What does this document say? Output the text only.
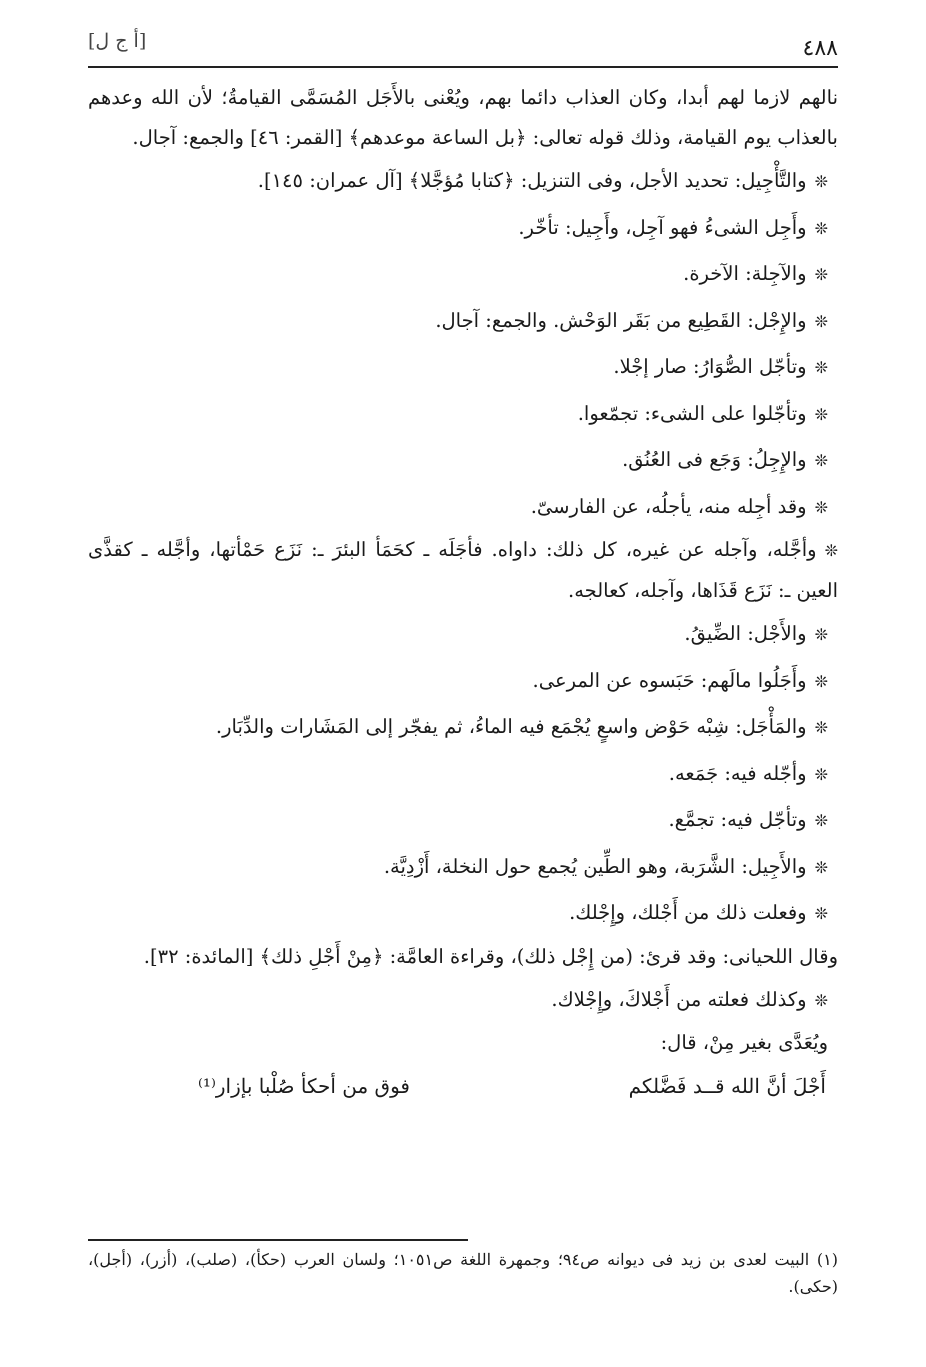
٤٨٨
[أ ج ل]

نالهم لازما لهم أبدا، وكان العذاب دائما بهم، ويُعْنى بالأَجَل المُسَمَّى القيامةُ؛ لأن الله وعدهم بالعذاب يوم القيامة، وذلك قوله تعالى: ﴿بل الساعة موعدهم﴾ [القمر: ٤٦] والجمع: آجال.

❊والتَّأْجِيل: تحديد الأجل، وفى التنزيل: ﴿كتابا مُؤجَّلا﴾ [آل عمران: ١٤٥].
❊وأَجِل الشىءُ فهو آجِل، وأَجِيل: تأخّر.
❊والآجِلة: الآخرة.
❊والإِجْل: القَطِيع من بَقَر الوَحْش. والجمع: آجال.
❊وتأجّل الصُّوَارُ: صار إجْلا.
❊وتأجّلوا على الشىء: تجمّعوا.
❊والإِجِلُ: وَجَع فى العُنُق.
❊وقد أجِله منه، يأجلُه، عن الفارسىّ.

❊وأجَّله، وآجله عن غيره، كل ذلك: داواه. فأجَلَه ـ كحَمَأ البئرَ ـ: نَزَع حَمْأتها، وأجَّله ـ كقذَّى العين ـ: نَزَع قَذَاها، وآجله، كعالجه.

❊والأَجْل: الضِّيقُ.
❊وأَجَلُوا مالَهم: حَبَسوه عن المرعى.
❊والمَأْجَل: شِبْه حَوْض واسعٍ يُجْمَع فيه الماءُ، ثم يفجّر إلى المَشَارات والدِّبَار.
❊وأجّله فيه: جَمَعه.
❊وتأجّل فيه: تجمَّع.
❊والأَجِيل: الشَّرَبة، وهو الطِّين يُجمع حول النخلة، أَزْدِيَّة.
❊وفعلت ذلك من أَجْلك، وإِجْلك.

وقال اللحيانى: وقد قرئ: (من إِجْل ذلك)، وقراءة العامَّة: ﴿مِنْ أَجْلِ ذلك﴾ [المائدة: ٣٢].

❊وكذلك فعلته من أَجْلاكَ، وإِجْلاك.
ويُعَدَّى بغير مِنْ، قال:
أَجْلَ أنَّ الله قــد فَضَّلكم
فوق من أحكأ صُلْبا بإزار⁽¹⁾
(١) البيت لعدى بن زيد فى ديوانه ص٩٤؛ وجمهرة اللغة ص١٠٥١؛ ولسان العرب (حكأ)، (صلب)، (أزر)، (أجل)، (حكى).
